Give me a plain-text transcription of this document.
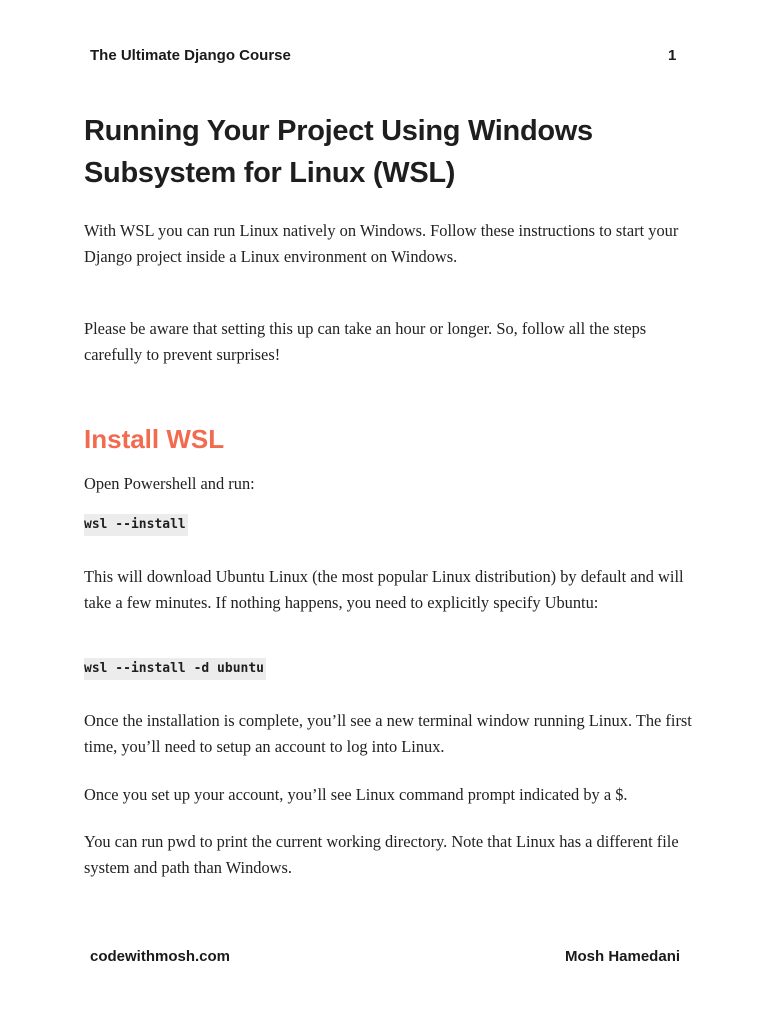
The Ultimate Django Course	1
Running Your Project Using Windows Subsystem for Linux (WSL)

With WSL you can run Linux natively on Windows. Follow these instructions to start your Django project inside a Linux environment on Windows.

Please be aware that setting this up can take an hour or longer. So, follow all the steps carefully to prevent surprises!

Install WSL

Open Powershell and run:

wsl --install

This will download Ubuntu Linux (the most popular Linux distribution) by default and will take a few minutes. If nothing happens, you need to explicitly specify Ubuntu:

wsl --install -d ubuntu

Once the installation is complete, you’ll see a new terminal window running Linux. The first time, you’ll need to setup an account to log into Linux.

Once you set up your account, you’ll see Linux command prompt indicated by a $.

You can run pwd to print the current working directory. Note that Linux has a different file system and path than Windows.

codewithmosh.com	Mosh Hamedani
